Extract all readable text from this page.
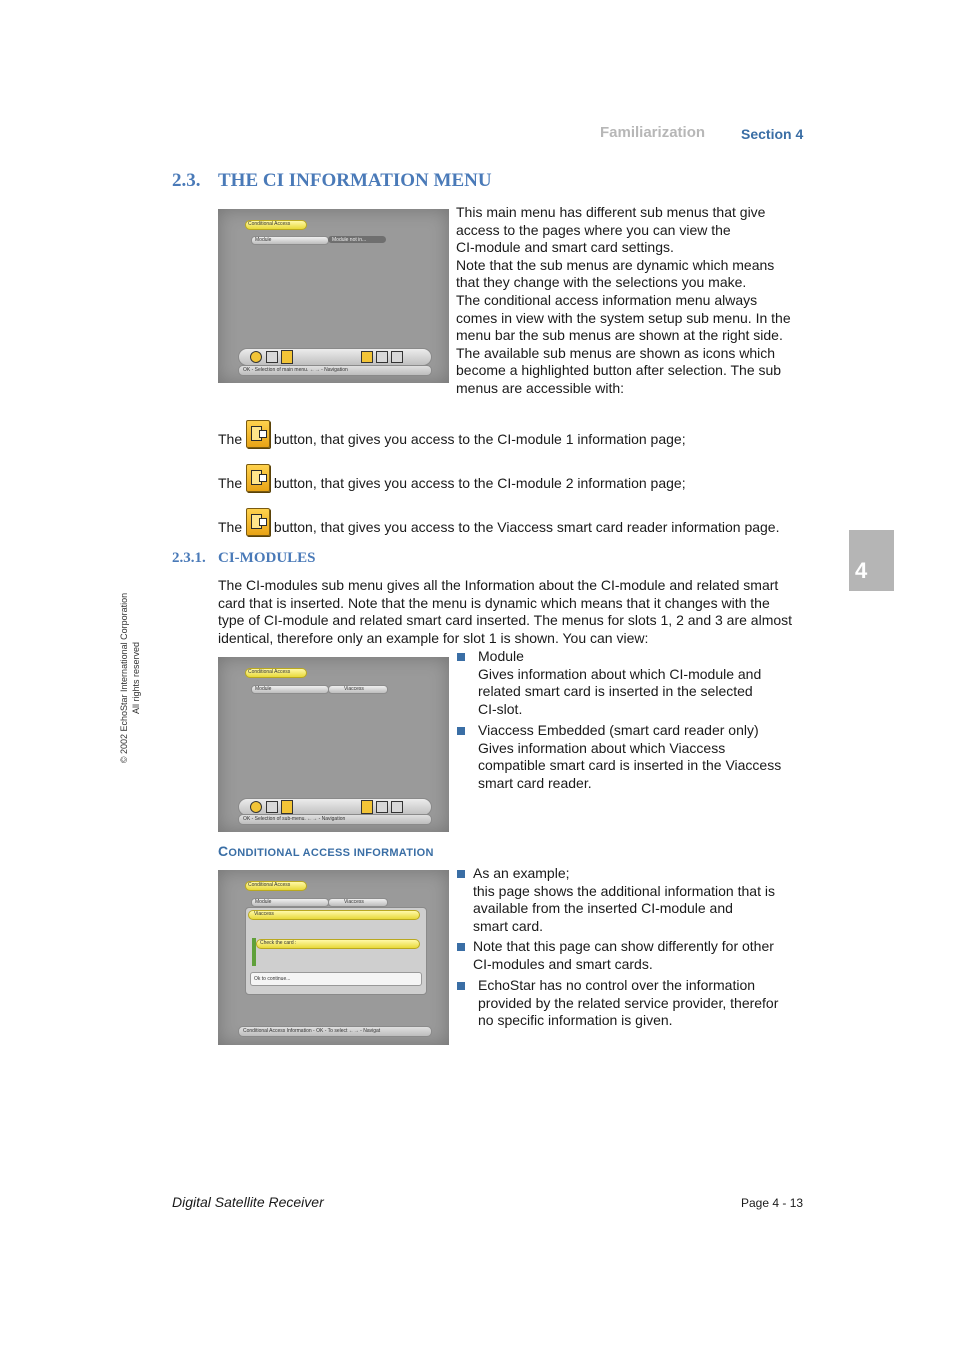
Familiarization	Section 4
2.3. THE CI INFORMATION MENU
Conditional Access
Module	Module not in...
OK - Selection of main menu. ←→ - Navigation
This main menu has different sub menus that give
access to the pages where you can view the
CI-module and smart card settings.
Note that the sub menus are dynamic which means
that they change with the selections you make.
The conditional access information menu always
comes in view with the system setup sub menu. In the
menu bar the sub menus are shown at the right side.
The available sub menus are shown as icons which
become a highlighted button after selection. The sub
menus are accessible with:
The button, that gives you access to the CI-module 1 information page;
The button, that gives you access to the CI-module 2 information page;
The button, that gives you access to the Viaccess smart card reader information page.
2.3.1. CI-MODULES
The CI-modules sub menu gives all the Information about the CI-module and related smart
card that is inserted. Note that the menu is dynamic which means that it changes with the
type of CI-module and related smart card inserted. The menus for slots 1, 2 and 3 are almost
identical, therefore only an example for slot 1 is shown. You can view:
Conditional Access
Module	Viaccess
OK - Selection of sub-menu. ←→ - Navigation
Module
Gives information about which CI-module and
related smart card is inserted in the selected
CI-slot.
Viaccess Embedded (smart card reader only)
Gives information about which Viaccess
compatible smart card is inserted in the Viaccess
smart card reader.
CONDITIONAL ACCESS INFORMATION
Conditional Access
Module	Viaccess
Viaccess
Check the card :
Ok to continue...
Conditional Access Information - OK - To select ←→ - Navigat
As an example;
this page shows the additional information that is
available from the inserted CI-module and
smart card.
Note that this page can show differently for other
CI-modules and smart cards.
EchoStar has no control over the information
provided by the related service provider, therefor
no specific information is given.
4
© 2002 EchoStar International Corporation All rights reserved
Digital Satellite Receiver	Page 4 - 13
